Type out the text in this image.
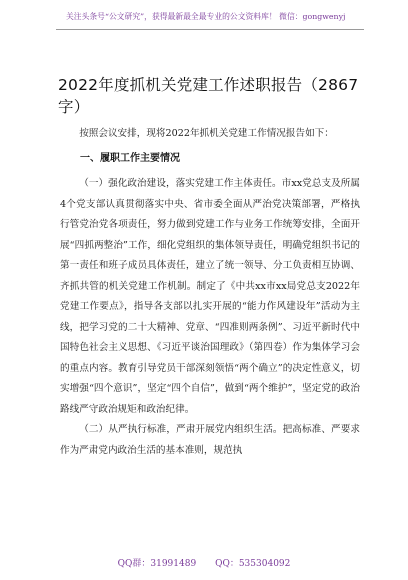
关注头条号“公文研究”，获得最新最全最专业的公文资料库！ 微信：gongwenyj
2022年度抓机关党建工作述职报告（2867字）

按照会议安排，现将2022年抓机关党建工作情况报告如下：

一、履职工作主要情况

（一）强化政治建设，落实党建工作主体责任。市xx党总支及所属4个党支部认真贯彻落实中央、省市委全面从严治党决策部署，严格执行管党治党各项责任，努力做到党建工作与业务工作统筹安排，全面开展“四抓两整治”工作，细化党组织的集体领导责任，明确党组织书记的第一责任和班子成员具体责任，建立了统一领导、分工负责相互协调、齐抓共管的机关党建工作机制。制定了《中共xx市xx局党总支2022年党建工作要点》，指导各支部以扎实开展的“能力作风建设年”活动为主线，把学习党的二十大精神、党章、“四准则两条例”、习近平新时代中国特色社会主义思想、《习近平谈治国理政》（第四卷）作为集体学习会的重点内容。教育引导党员干部深刻领悟“两个确立”的决定性意义，切实增强“四个意识”，坚定“四个自信”，做到“两个维护”，坚定党的政治路线严守政治规矩和政治纪律。

（二）从严执行标准，严肃开展党内组织生活。把高标准、严要求作为严肃党内政治生活的基本准则，规范执

QQ群：31991489 QQ：535304092
